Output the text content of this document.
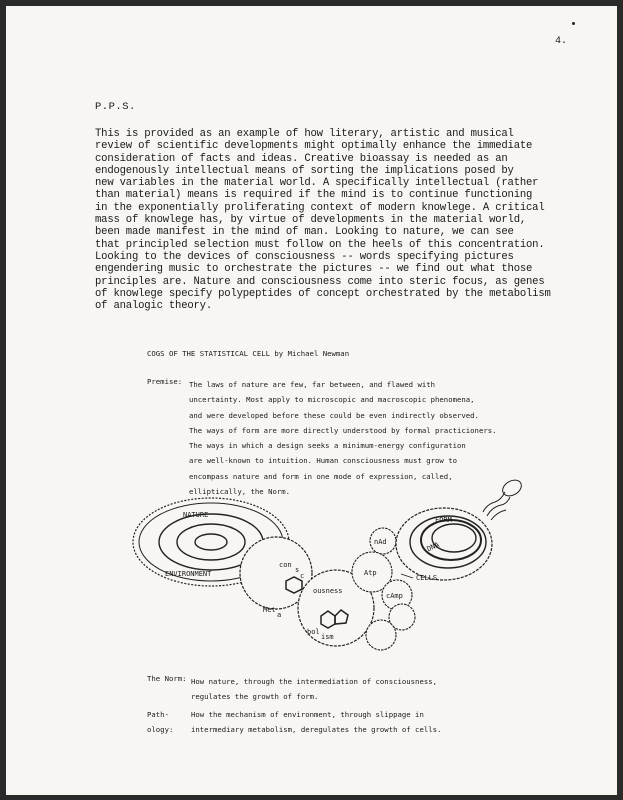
4.
P.P.S.
This is provided as an example of how literary, artistic and musical
review of scientific developments might optimally enhance the immediate
consideration of facts and ideas. Creative bioassay is needed as an
endogenously intellectual means of sorting the implications posed by
new variables in the material world. A specifically intellectual (rather
than material) means is required if the mind is to continue functioning
in the exponentially proliferating context of modern knowlege. A critical
mass of knowlege has, by virtue of developments in the material world,
been made manifest in the mind of man. Looking to nature, we can see
that principled selection must follow on the heels of this concentration.
Looking to the devices of consciousness -- words specifying pictures
engendering music to orchestrate the pictures -- we find out what those
principles are. Nature and consciousness come into steric focus, as genes
of knowlege specify polypeptides of concept orchestrated by the metabolism
of analogic theory.
COGS OF THE STATISTICAL CELL by Michael Newman
Premise: The laws of nature are few, far between, and flawed with
uncertainty. Most apply to microscopic and macroscopic phenomena,
and were developed before these could be even indirectly observed.
The ways of form are more directly understood by formal practicioners.
The ways in which a design seeks a minimum-energy configuration
are well-known to intuition. Human consciousness must grow to
encompass nature and form in one mode of expression, called,
elliptically, the Norm.
NATURE
ENVIRONMENT
con
s
c
Met
a
ousness
bol
ism
nAd
Atp
cAmp
FORM
DNA
CELLS
The Norm: How nature, through the intermediation of consciousness,
regulates the growth of form.
Path-
ology:
How the mechanism of environment, through slippage in
intermediary metabolism, deregulates the growth of cells.
